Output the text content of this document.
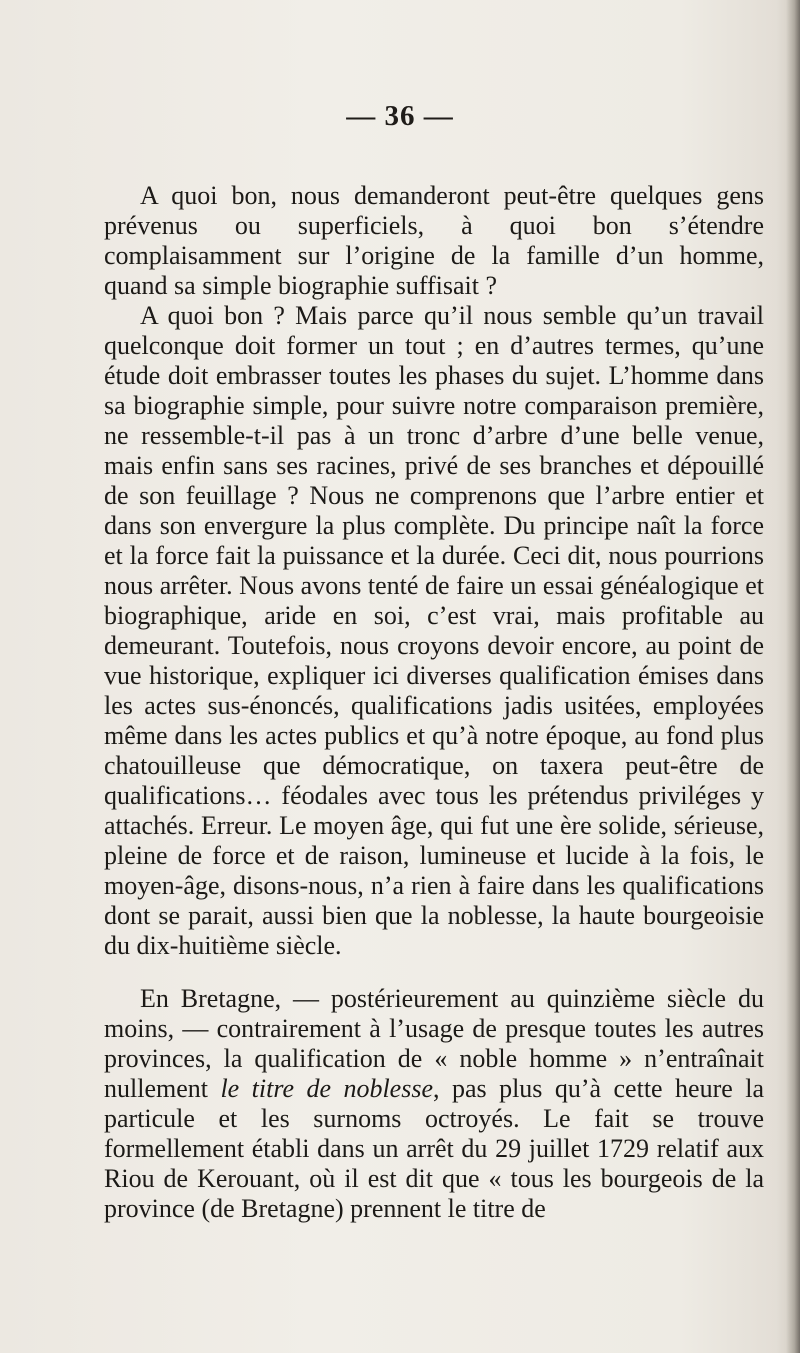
— 36 —

A quoi bon, nous demanderont peut-être quelques gens prévenus ou superficiels, à quoi bon s’étendre complaisamment sur l’origine de la famille d’un homme, quand sa simple biographie suffisait ?

A quoi bon ? Mais parce qu’il nous semble qu’un travail quelconque doit former un tout ; en d’autres termes, qu’une étude doit embrasser toutes les phases du sujet. L’homme dans sa biographie simple, pour suivre notre comparaison première, ne ressemble-t-il pas à un tronc d’arbre d’une belle venue, mais enfin sans ses racines, privé de ses branches et dépouillé de son feuillage ? Nous ne comprenons que l’arbre entier et dans son envergure la plus complète. Du principe naît la force et la force fait la puissance et la durée. Ceci dit, nous pourrions nous arrêter. Nous avons tenté de faire un essai généalogique et biographique, aride en soi, c’est vrai, mais profitable au demeurant. Toutefois, nous croyons devoir encore, au point de vue historique, expliquer ici diverses qualification émises dans les actes sus-énoncés, qualifications jadis usitées, employées même dans les actes publics et qu’à notre époque, au fond plus chatouilleuse que démocratique, on taxera peut-être de qualifications… féodales avec tous les prétendus priviléges y attachés. Erreur. Le moyen âge, qui fut une ère solide, sérieuse, pleine de force et de raison, lumineuse et lucide à la fois, le moyen-âge, disons-nous, n’a rien à faire dans les qualifications dont se parait, aussi bien que la noblesse, la haute bourgeoisie du dix-huitième siècle.

En Bretagne, — postérieurement au quinzième siècle du moins, — contrairement à l’usage de presque toutes les autres provinces, la qualification de « noble homme » n’entraînait nullement le titre de noblesse, pas plus qu’à cette heure la particule et les surnoms octroyés. Le fait se trouve formellement établi dans un arrêt du 29 juillet 1729 relatif aux Riou de Kerouant, où il est dit que « tous les bourgeois de la province (de Bretagne) prennent le titre de
